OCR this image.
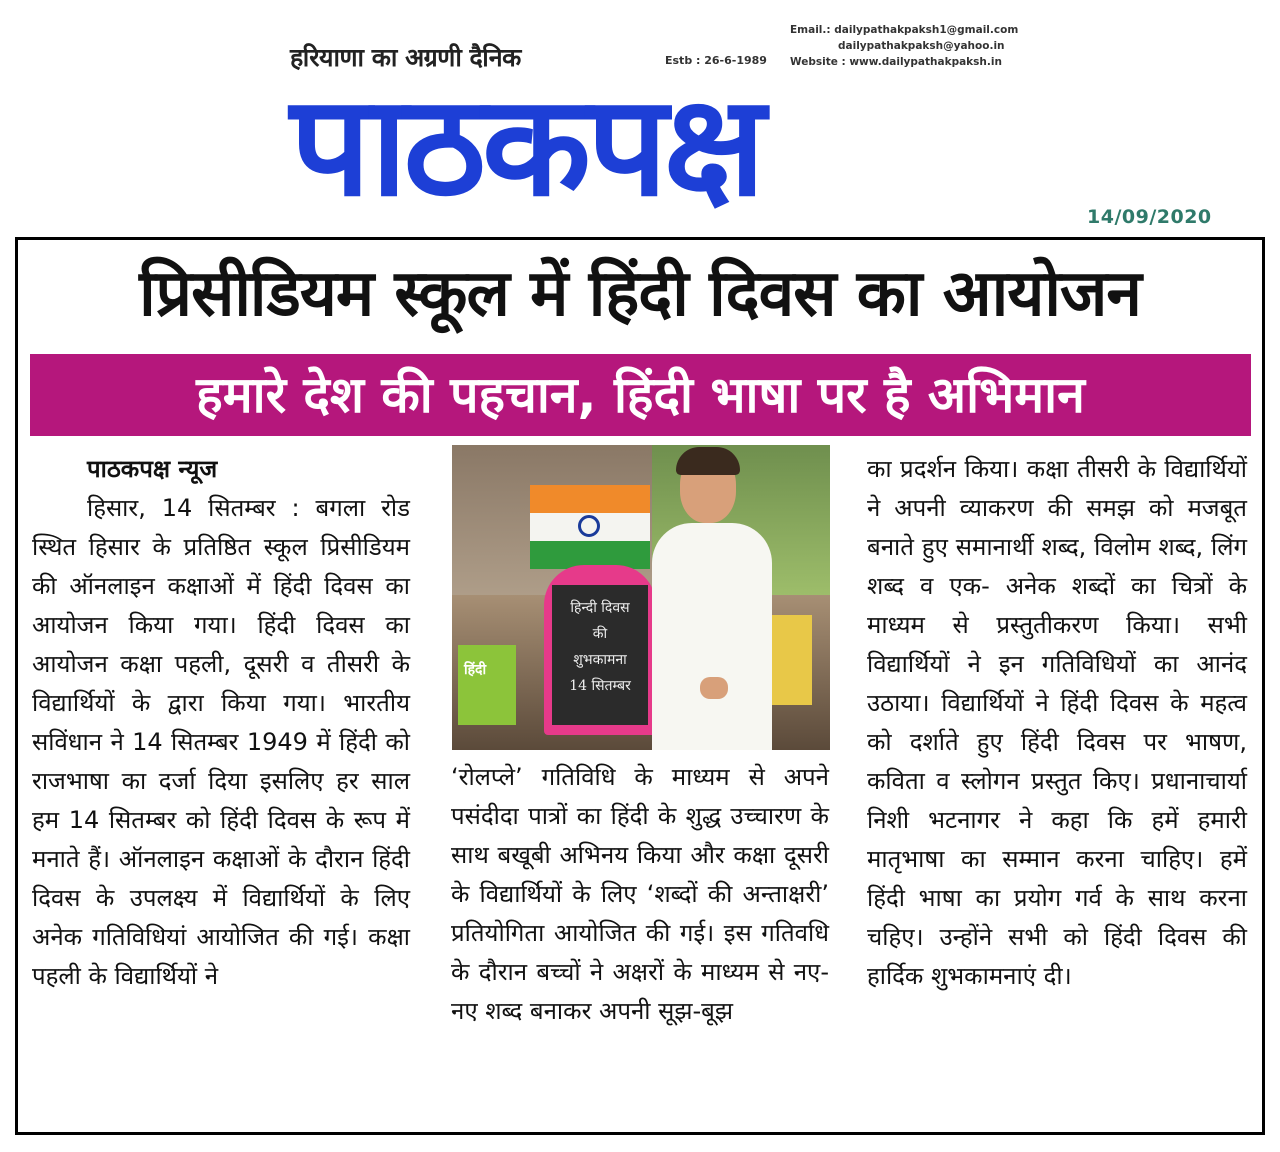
हरियाणा का अग्रणी दैनिक	Estb : 26-6-1989
Email.: dailypathakpaksh1@gmail.com
dailypathakpaksh@yahoo.in
Website : www.dailypathakpaksh.in
पाठकपक्ष	14/09/2020
प्रिसीडियम स्कूल में हिंदी दिवस का आयोजन
हमारे देश की पहचान, हिंदी भाषा पर है अभिमान

पाठकपक्ष न्यूज

हिसार, 14 सितम्बर : बगला रोड स्थित हिसार के प्रतिष्ठित स्कूल प्रिसीडियम की ऑनलाइन कक्षाओं में हिंदी दिवस का आयोजन किया गया। हिंदी दिवस का आयोजन कक्षा पहली, दूसरी व तीसरी के विद्यार्थियों के द्वारा किया गया। भारतीय सविंधान ने 14 सितम्बर 1949 में हिंदी को राजभाषा का दर्जा दिया इसलिए हर साल हम 14 सितम्बर को हिंदी दिवस के रूप में मनाते हैं। ऑनलाइन कक्षाओं के दौरान हिंदी दिवस के उपलक्ष्य में विद्यार्थियों के लिए अनेक गतिविधियां आयोजित की गई। कक्षा पहली के विद्यार्थियों ने

हिन्दी दिवस
की
शुभकामना
14 सितम्बर
हिंदी

‘रोलप्ले’ गतिविधि के माध्यम से अपने पसंदीदा पात्रों का हिंदी के शुद्ध उच्चारण के साथ बखूबी अभिनय किया और कक्षा दूसरी के विद्यार्थियों के लिए ‘शब्दों की अन्ताक्षरी’ प्रतियोगिता आयोजित की गई। इस गतिवधि के दौरान बच्चों ने अक्षरों के माध्यम से नए-नए शब्द बनाकर अपनी सूझ-बूझ

का प्रदर्शन किया। कक्षा तीसरी के विद्यार्थियों ने अपनी व्याकरण की समझ को मजबूत बनाते हुए समानार्थी शब्द, विलोम शब्द, लिंग शब्द व एक- अनेक शब्दों का चित्रों के माध्यम से प्रस्तुतीकरण किया। सभी विद्यार्थियों ने इन गतिविधियों का आनंद उठाया। विद्यार्थियों ने हिंदी दिवस के महत्व को दर्शाते हुए हिंदी दिवस पर भाषण, कविता व स्लोगन प्रस्तुत किए। प्रधानाचार्या निशी भटनागर ने कहा कि हमें हमारी मातृभाषा का सम्मान करना चाहिए। हमें हिंदी भाषा का प्रयोग गर्व के साथ करना चहिए। उन्होंने सभी को हिंदी दिवस की हार्दिक शुभकामनाएं दी।
